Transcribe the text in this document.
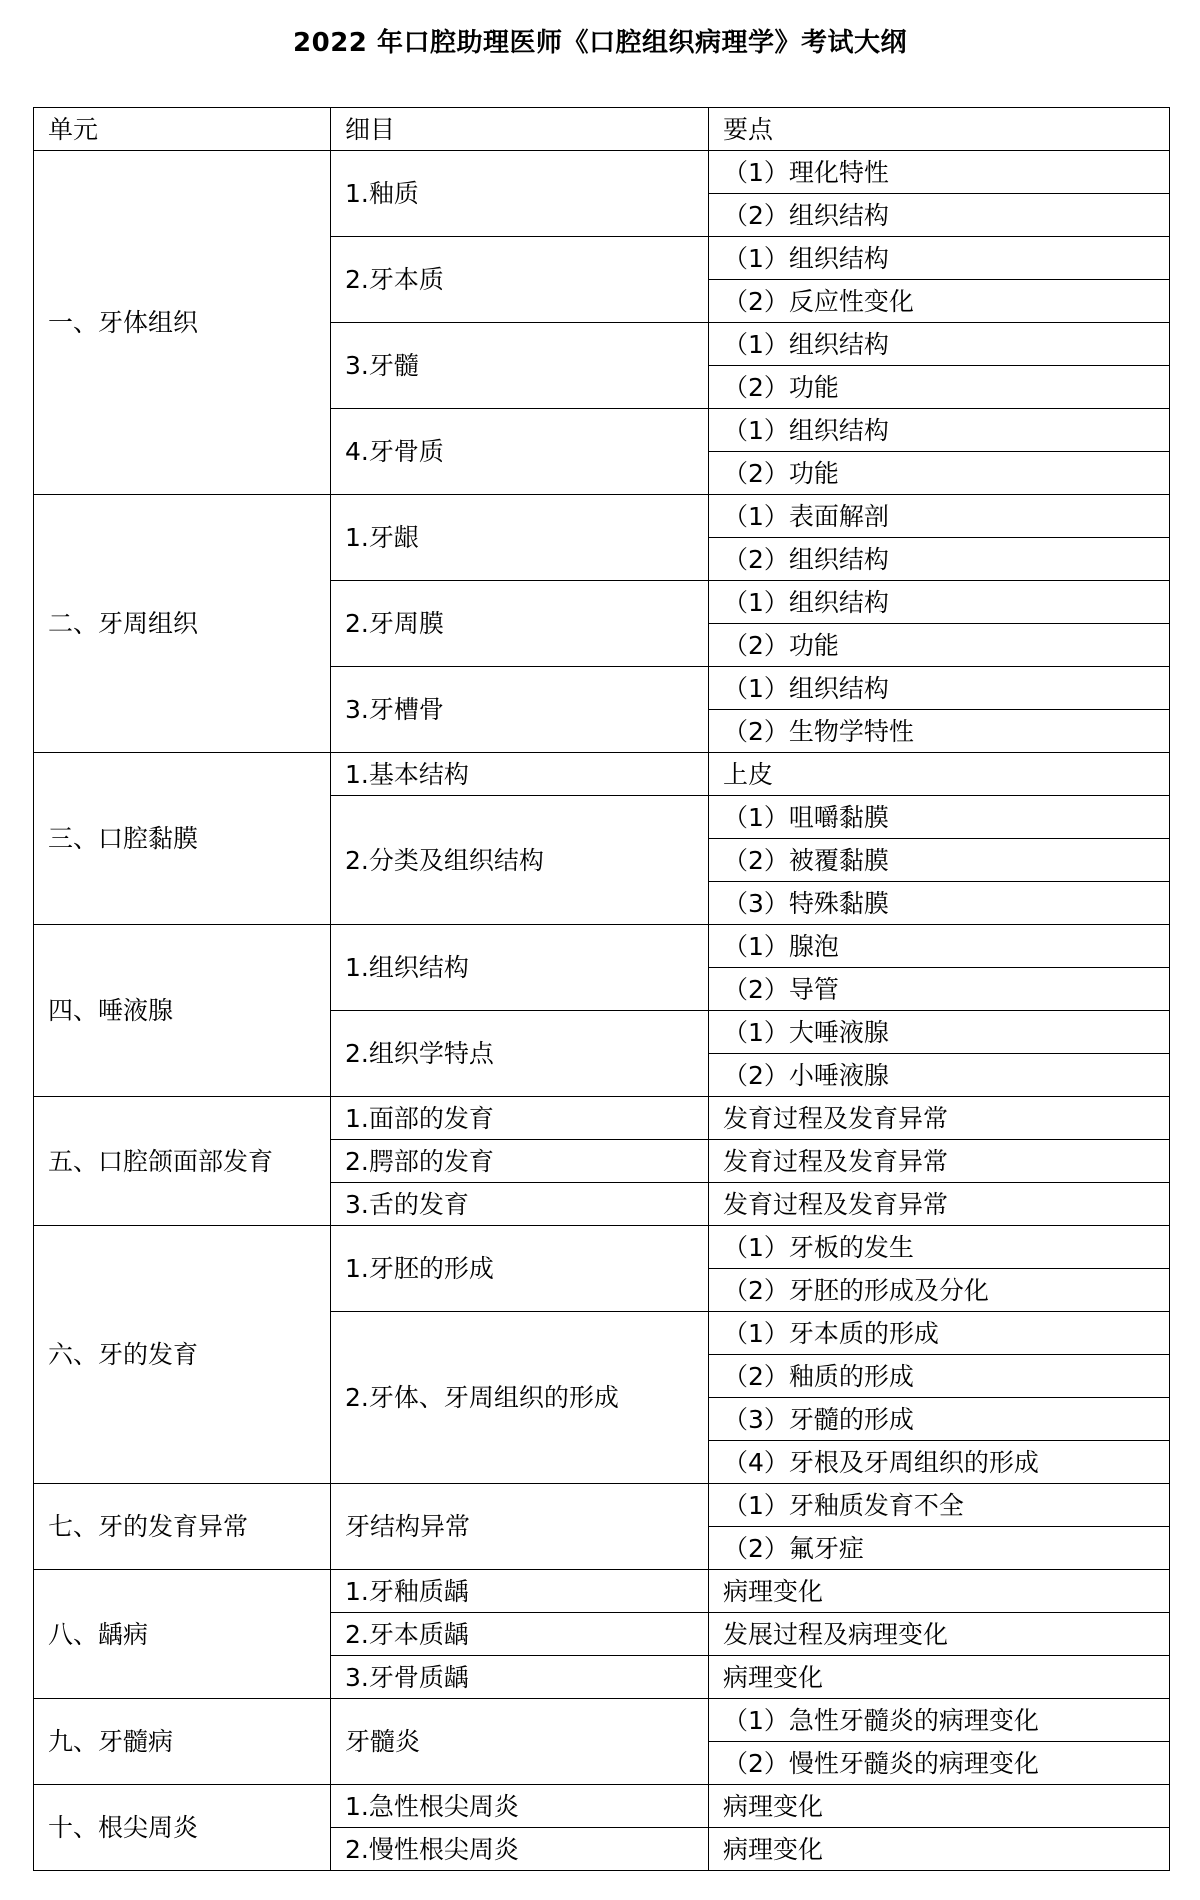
2022 年口腔助理医师《口腔组织病理学》考试大纲
单元	细目	要点
一、牙体组织	1.釉质	（1）理化特性
		（2）组织结构
	2.牙本质	（1）组织结构
		（2）反应性变化
	3.牙髓	（1）组织结构
		（2）功能
	4.牙骨质	（1）组织结构
		（2）功能
二、牙周组织	1.牙龈	（1）表面解剖
		（2）组织结构
	2.牙周膜	（1）组织结构
		（2）功能
	3.牙槽骨	（1）组织结构
		（2）生物学特性
三、口腔黏膜	1.基本结构	上皮
	2.分类及组织结构	（1）咀嚼黏膜
		（2）被覆黏膜
		（3）特殊黏膜
四、唾液腺	1.组织结构	（1）腺泡
		（2）导管
	2.组织学特点	（1）大唾液腺
		（2）小唾液腺
五、口腔颌面部发育	1.面部的发育	发育过程及发育异常
	2.腭部的发育	发育过程及发育异常
	3.舌的发育	发育过程及发育异常
六、牙的发育	1.牙胚的形成	（1）牙板的发生
		（2）牙胚的形成及分化
	2.牙体、牙周组织的形成	（1）牙本质的形成
		（2）釉质的形成
		（3）牙髓的形成
		（4）牙根及牙周组织的形成
七、牙的发育异常	牙结构异常	（1）牙釉质发育不全
		（2）氟牙症
八、龋病	1.牙釉质龋	病理变化
	2.牙本质龋	发展过程及病理变化
	3.牙骨质龋	病理变化
九、牙髓病	牙髓炎	（1）急性牙髓炎的病理变化
		（2）慢性牙髓炎的病理变化
十、根尖周炎	1.急性根尖周炎	病理变化
	2.慢性根尖周炎	病理变化
